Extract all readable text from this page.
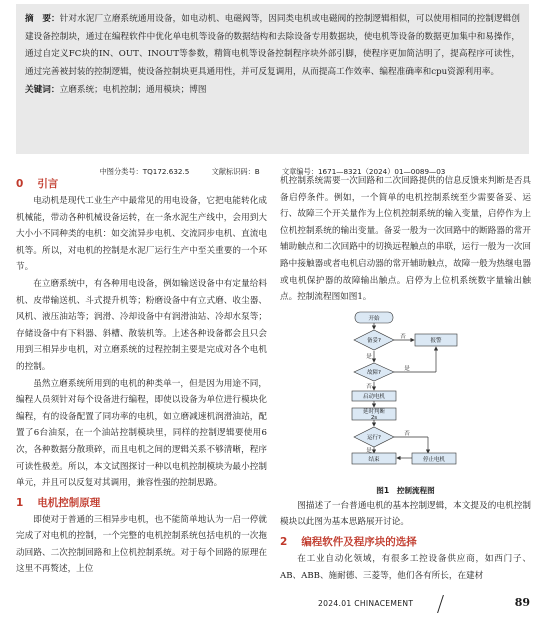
摘　要：针对水泥厂立磨系统通用设备，如电动机、电磁阀等，因同类电机或电磁阀的控制逻辑相似，可以使用相同的控制逻辑创建设备控制块，通过在编程软件中优化单电机等设备的数据结构和去除设备专用数据块，使电机等设备的数据更加集中和易操作，通过自定义FC块的IN、OUT、INOUT等参数，精简电机等设备控制程序块外部引脚，使程序更加简洁明了，提高程序可读性，通过完善被封装的控制逻辑，使设备控制块更具通用性，并可反复调用，从而提高工作效率、编程准确率和cpu资源利用率。

关键词：立磨系统；电机控制；通用模块；博图

中图分类号：TQ172.632.5	文献标识码：B	文章编号：1671—8321（2024）01—0089—03
0 引言

电动机是现代工业生产中最常见的用电设备，它把电能转化成机械能，带动各种机械设备运转，在一条水泥生产线中，会用到大大小小不同种类的电机：如交流异步电机、交流同步电机、直流电机等。所以，对电机的控制是水泥厂运行生产中至关重要的一个环节。

在立磨系统中，有各种用电设备，例如输送设备中有定量给料机、皮带输送机、斗式提升机等；粉磨设备中有立式磨、收尘器、风机、液压油站等；润滑、冷却设备中有润滑油站、冷却水泵等；存储设备中有下料器、斜槽、散装机等。上述各种设备都会且只会用到三相异步电机，对立磨系统的过程控制主要是完成对各个电机的控制。

虽然立磨系统所用到的电机的种类单一，但是因为用途不同，编程人员须针对每个设备进行编程，即使以设备为单位进行模块化编程，有的设备配置了同功率的电机，如立磨减速机润滑油站，配置了6台油泵，在一个油站控制模块里，同样的控制逻辑要使用6次，各种数据分散琐碎，而且电机之间的逻辑关系不够清晰，程序可读性极差。所以，本文试图探讨一种以电机控制模块为最小控制单元，并且可以反复对其调用，兼容性强的控制思路。

1 电机控制原理

即使对于普通的三相异步电机，也不能简单地认为一启一停就完成了对电机的控制，一个完整的电机控制系统包括电机的一次拖动回路、二次控制回路和上位机控制系统。对于每个回路的原理在这里不再赘述，上位

机控制系统需要一次回路和二次回路提供的信息反馈来判断是否具备启停条件。例如，一个简单的电机控制系统至少需要备妥、运行、故障三个开关量作为上位机控制系统的输入变量，启停作为上位机控制系统的输出变量。备妥一般为一次回路中的断路器的常开辅助触点和二次回路中的切换远程触点的串联，运行一般为一次回路中接触器或者电机启动器的常开辅助触点，故障一般为热继电器或电机保护器的故障输出触点。启停为上位机系统数字量输出触点。控制流程图如图1。

开始
备妥?	报警
故障?
启动电机
延时判断
2s
运行?
结束	停止电机
否
是
是
否
否
是
图1　控制流程图

图描述了一台普通电机的基本控制逻辑，本文提及的电机控制模块以此图为基本思路展开讨论。

2 编程软件及程序块的选择

在工业自动化领域，有很多工控设备供应商，如西门子、AB、ABB、施耐德、三菱等，他们各有所长，在建材

2024.01 CHINACEMENT	89
